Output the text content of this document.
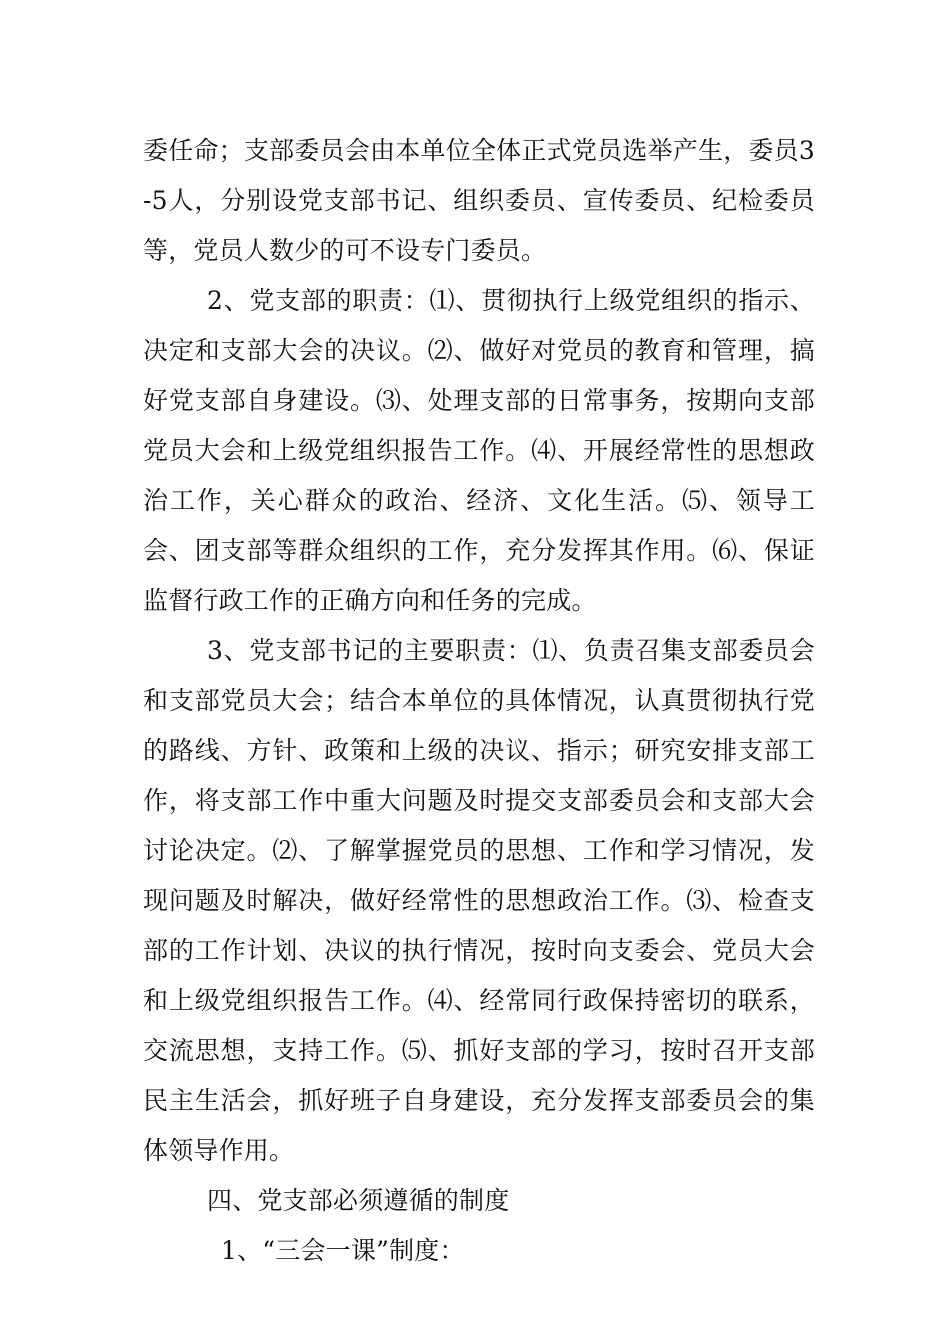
委任命；支部委员会由本单位全体正式党员选举产生，委员3-5人，分别设党支部书记、组织委员、宣传委员、纪检委员等，党员人数少的可不设专门委员。

2、党支部的职责：⑴、贯彻执行上级党组织的指示、决定和支部大会的决议。⑵、做好对党员的教育和管理，搞好党支部自身建设。⑶、处理支部的日常事务，按期向支部党员大会和上级党组织报告工作。⑷、开展经常性的思想政治工作，关心群众的政治、经济、文化生活。⑸、领导工会、团支部等群众组织的工作，充分发挥其作用。⑹、保证监督行政工作的正确方向和任务的完成。

3、党支部书记的主要职责：⑴、负责召集支部委员会和支部党员大会；结合本单位的具体情况，认真贯彻执行党的路线、方针、政策和上级的决议、指示；研究安排支部工作，将支部工作中重大问题及时提交支部委员会和支部大会讨论决定。⑵、了解掌握党员的思想、工作和学习情况，发现问题及时解决，做好经常性的思想政治工作。⑶、检查支部的工作计划、决议的执行情况，按时向支委会、党员大会和上级党组织报告工作。⑷、经常同行政保持密切的联系，交流思想，支持工作。⑸、抓好支部的学习，按时召开支部民主生活会，抓好班子自身建设，充分发挥支部委员会的集体领导作用。

四、党支部必须遵循的制度

1、“三会一课”制度：
